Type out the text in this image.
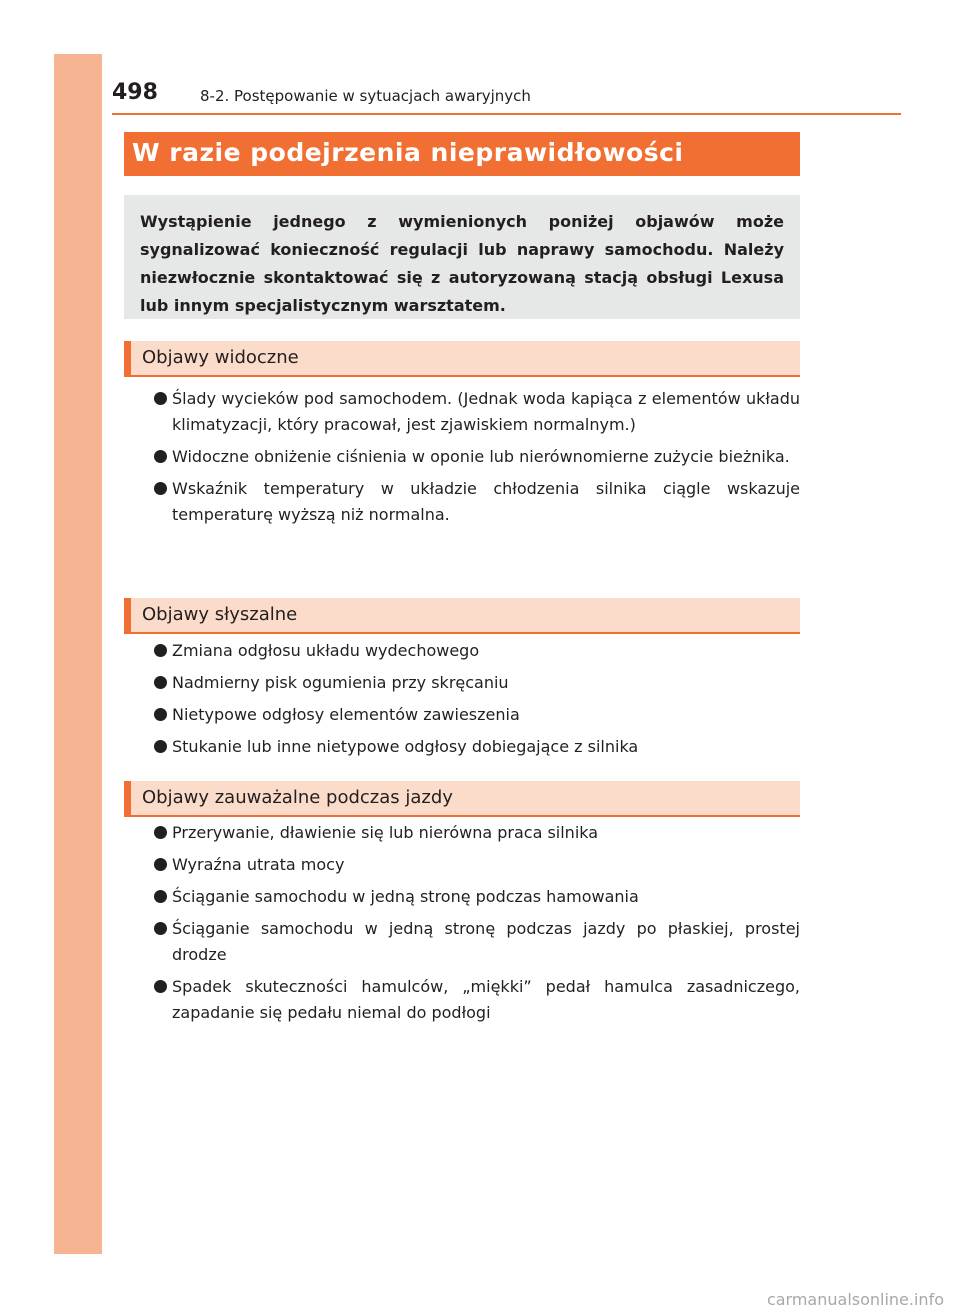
498	8-2. Postępowanie w sytuacjach awaryjnych
W razie podejrzenia nieprawidłowości

Wystąpienie jednego z wymienionych poniżej objawów może sygnalizować konieczność regulacji lub naprawy samochodu. Należy niezwłocznie skontaktować się z autoryzowaną stacją obsługi Lexusa lub innym specjalistycznym warsztatem.

Objawy widoczne
Ślady wycieków pod samochodem. (Jednak woda kapiąca z elementów układu klimatyzacji, który pracował, jest zjawiskiem normalnym.)
Widoczne obniżenie ciśnienia w oponie lub nierównomierne zużycie bieżnika.
Wskaźnik temperatury w układzie chłodzenia silnika ciągle wskazuje temperaturę wyższą niż normalna.
Objawy słyszalne
Zmiana odgłosu układu wydechowego
Nadmierny pisk ogumienia przy skręcaniu
Nietypowe odgłosy elementów zawieszenia
Stukanie lub inne nietypowe odgłosy dobiegające z silnika
Objawy zauważalne podczas jazdy
Przerywanie, dławienie się lub nierówna praca silnika
Wyraźna utrata mocy
Ściąganie samochodu w jedną stronę podczas hamowania
Ściąganie samochodu w jedną stronę podczas jazdy po płaskiej, prostej drodze
Spadek skuteczności hamulców, „miękki” pedał hamulca zasadniczego, zapadanie się pedału niemal do podłogi
carmanualsonline.info
